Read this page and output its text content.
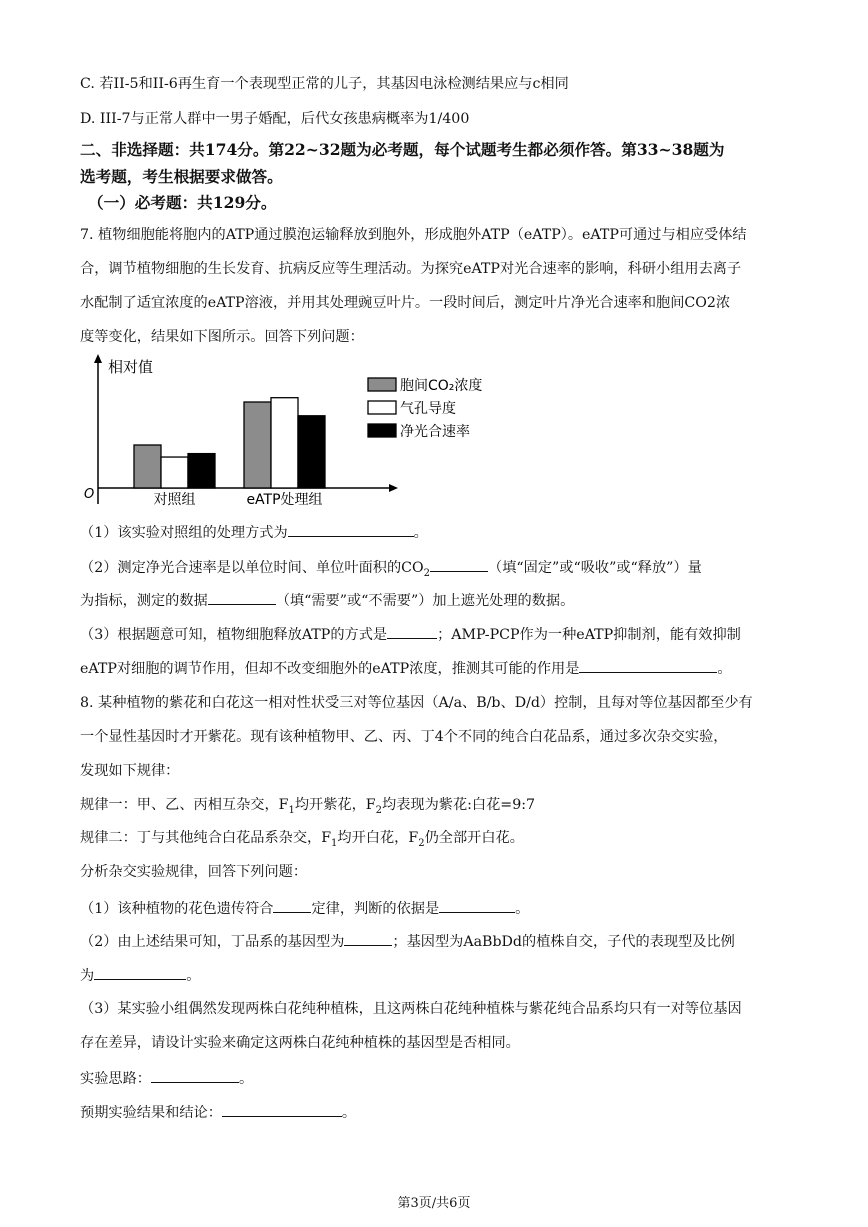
C. 若II-5和II-6再生育一个表现型正常的儿子，其基因电泳检测结果应与c相同
D. III-7与正常人群中一男子婚配，后代女孩患病概率为1/400
二、非选择题：共174分。第22~32题为必考题，每个试题考生都必须作答。第33~38题为
选考题，考生根据要求做答。
（一）必考题：共129分。
7. 植物细胞能将胞内的ATP通过膜泡运输释放到胞外，形成胞外ATP（eATP）。eATP可通过与相应受体结
合，调节植物细胞的生长发育、抗病反应等生理活动。为探究eATP对光合速率的影响，科研小组用去离子
水配制了适宜浓度的eATP溶液，并用其处理豌豆叶片。一段时间后，测定叶片净光合速率和胞间CO2浓
度等变化，结果如下图所示。回答下列问题：
相对值
O	对照组	eATP处理组
胞间CO₂浓度
气孔导度
净光合速率
（1）该实验对照组的处理方式为	。
（2）测定净光合速率是以单位时间、单位叶面积的$CO_2$	（填“固定”或“吸收”或“释放”）量
为指标，测定的数据	（填“需要”或“不需要”）加上遮光处理的数据。
（3）根据题意可知，植物细胞释放ATP的方式是	；AMP-PCP作为一种eATP抑制剂，能有效抑制
eATP对细胞的调节作用，但却不改变细胞外的eATP浓度，推测其可能的作用是	。
8. 某种植物的紫花和白花这一相对性状受三对等位基因（A/a、B/b、D/d）控制，且每对等位基因都至少有
一个显性基因时才开紫花。现有该种植物甲、乙、丙、丁4个不同的纯合白花品系，通过多次杂交实验，
发现如下规律：
规律一：甲、乙、丙相互杂交，$F_1$均开紫花，$F_2$均表现为紫花:白花=9:7
规律二：丁与其他纯合白花品系杂交，$F_1$均开白花，$F_2$仍全部开白花。
分析杂交实验规律，回答下列问题：
（1）该种植物的花色遗传符合	定律，判断的依据是	。
（2）由上述结果可知，丁品系的基因型为	；基因型为AaBbDd的植株自交，子代的表现型及比例
为	。
（3）某实验小组偶然发现两株白花纯种植株，且这两株白花纯种植株与紫花纯合品系均只有一对等位基因
存在差异，请设计实验来确定这两株白花纯种植株的基因型是否相同。
实验思路：	。
预期实验结果和结论：	。
第3页/共6页
